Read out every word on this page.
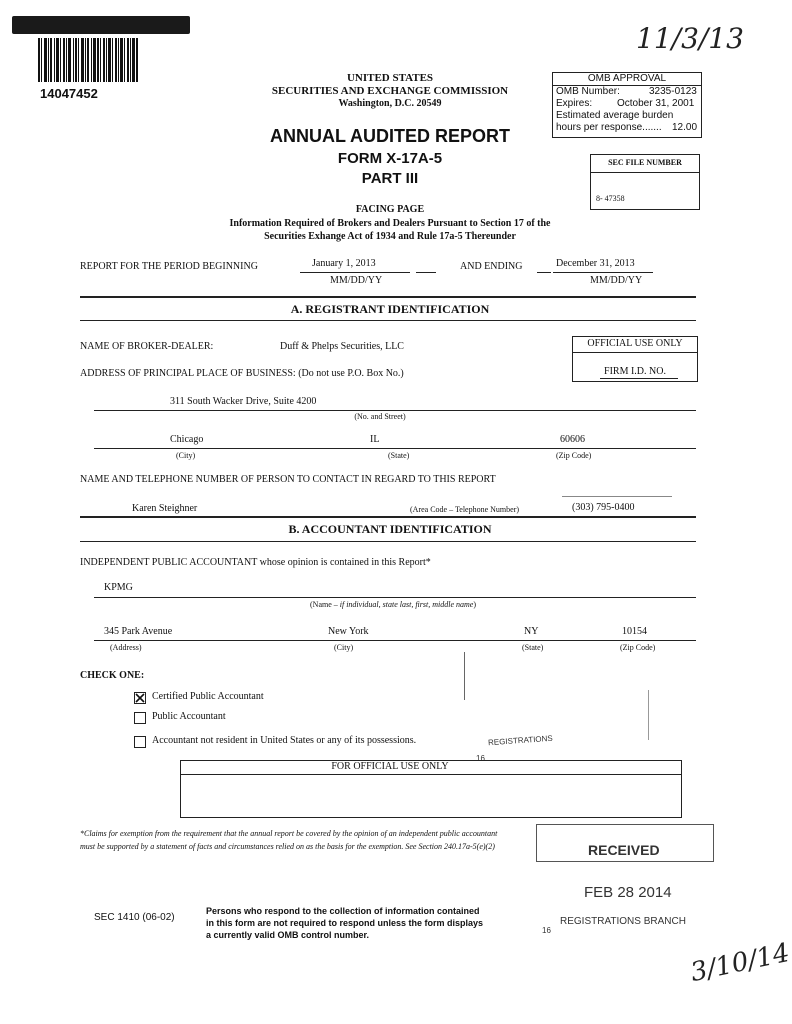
14047452
11/3/13
UNITED STATES
SECURITIES AND EXCHANGE COMMISSION
Washington, D.C. 20549
ANNUAL AUDITED REPORT
FORM X-17A-5
PART III
OMB APPROVAL
OMB Number:	3235-0123
Expires: October 31, 2001
Estimated average burden
hours per response....... 12.00
SEC FILE NUMBER
8- 47358
FACING PAGE
Information Required of Brokers and Dealers Pursuant to Section 17 of the
Securities Exhange Act of 1934 and Rule 17a-5 Thereunder
REPORT FOR THE PERIOD BEGINNING	January 1, 2013
MM/DD/YY
AND ENDING	December 31, 2013
MM/DD/YY
A. REGISTRANT IDENTIFICATION
NAME OF BROKER-DEALER:	Duff & Phelps Securities, LLC	OFFICIAL USE ONLY
FIRM I.D. NO.
ADDRESS OF PRINCIPAL PLACE OF BUSINESS: (Do not use P.O. Box No.)
311 South Wacker Drive, Suite 4200
(No. and Street)
Chicago	IL	60606
(City)	(State)	(Zip Code)
NAME AND TELEPHONE NUMBER OF PERSON TO CONTACT IN REGARD TO THIS REPORT
Karen Steighner	(Area Code – Telephone Number)	(303) 795-0400
B. ACCOUNTANT IDENTIFICATION
INDEPENDENT PUBLIC ACCOUNTANT whose opinion is contained in this Report*
KPMG
(Name – if individual, state last, first, middle name)
345 Park Avenue	New York	NY	10154
(Address)	(City)	(State)	(Zip Code)
CHECK ONE:
Certified Public Accountant
Public Accountant
Accountant not resident in United States or any of its possessions.	REGISTRATIONS
16
FOR OFFICIAL USE ONLY
*Claims for exemption from the requirement that the annual report be covered by the opinion of an independent public accountant
must be supported by a statement of facts and circumstances relied on as the basis for the exemption. See Section 240.17a-5(e)(2)	RECEIVED
FEB 28 2014
REGISTRATIONS BRANCH
16
SEC 1410 (06-02)
Persons who respond to the collection of information contained
in this form are not required to respond unless the form displays
a currently valid OMB control number.
3/10/14
